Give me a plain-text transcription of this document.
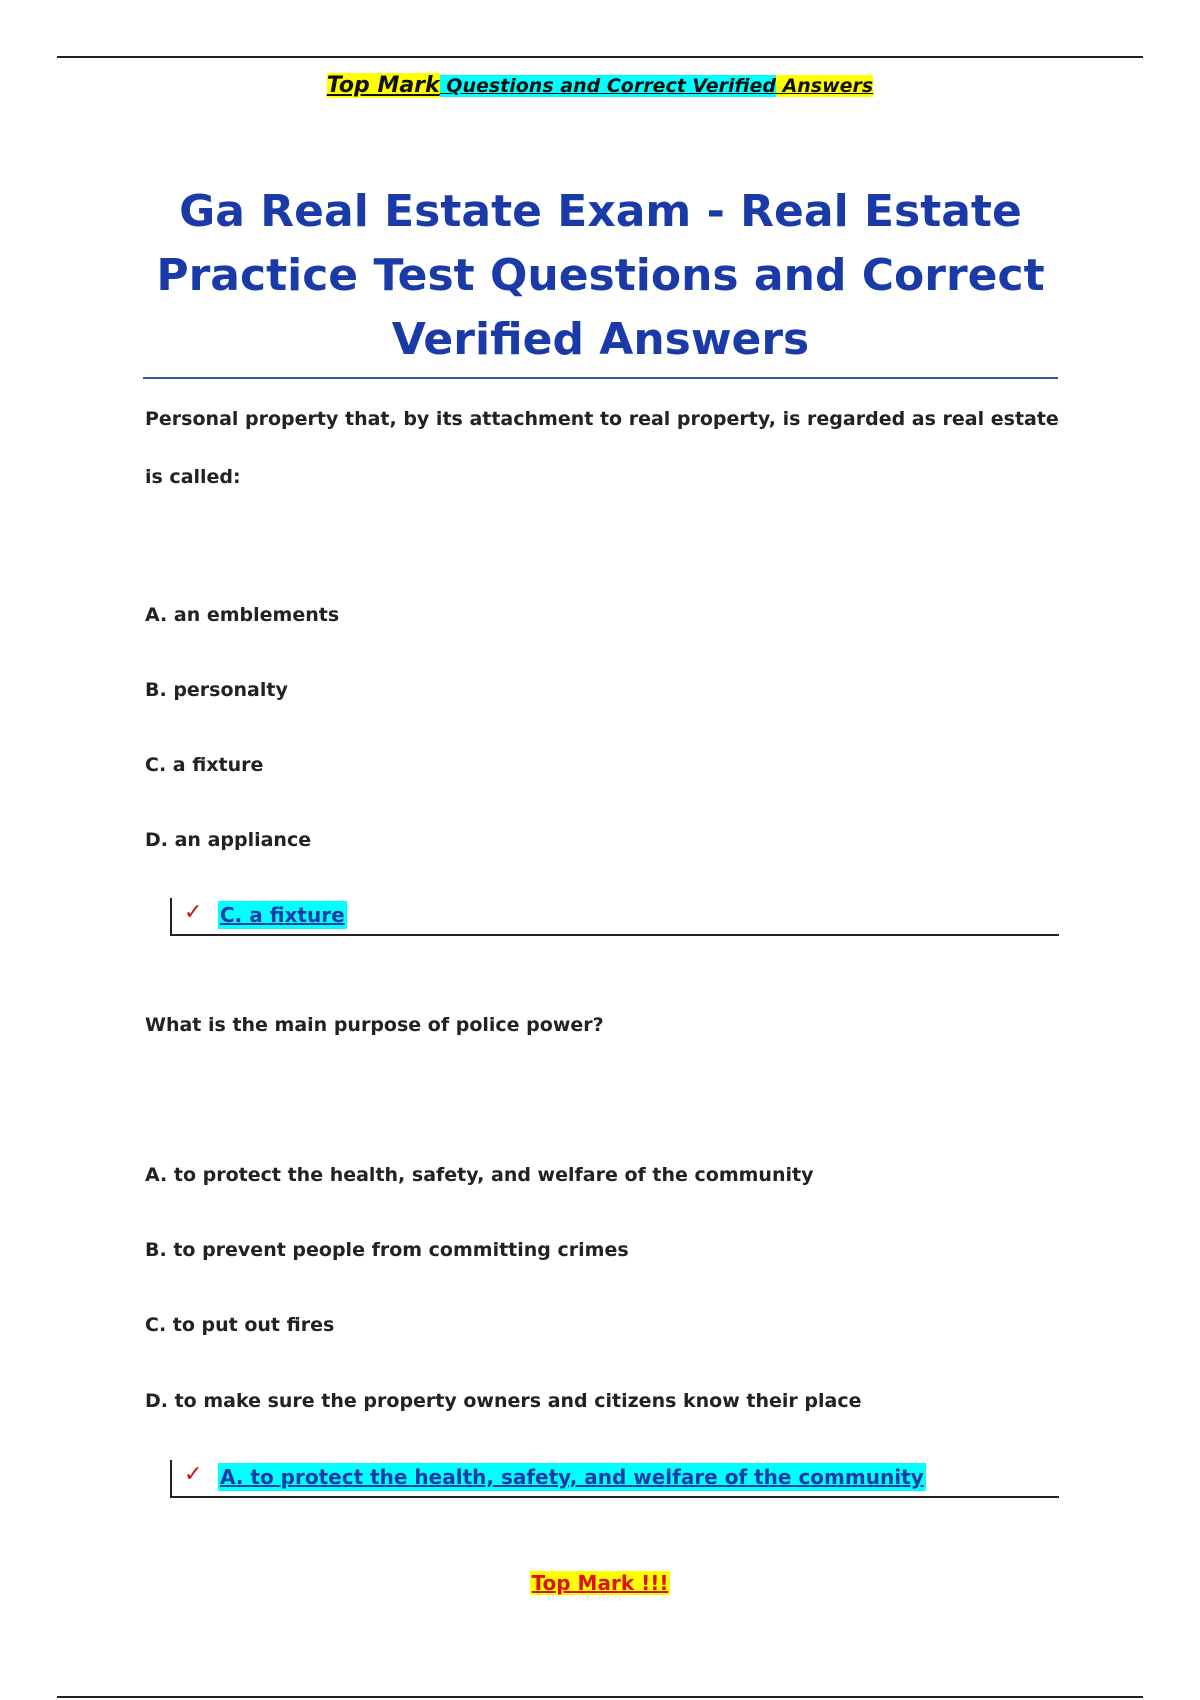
Top Mark Questions and Correct Verified Answers
Ga Real Estate Exam - Real Estate Practice Test Questions and Correct Verified Answers

Personal property that, by its attachment to real property, is regarded as real estate is called:

A. an emblements

B. personalty

C. a fixture

D. an appliance

✓ C. a fixture

What is the main purpose of police power?

A. to protect the health, safety, and welfare of the community

B. to prevent people from committing crimes

C. to put out fires

D. to make sure the property owners and citizens know their place

✓ A. to protect the health, safety, and welfare of the community
Top Mark !!!
